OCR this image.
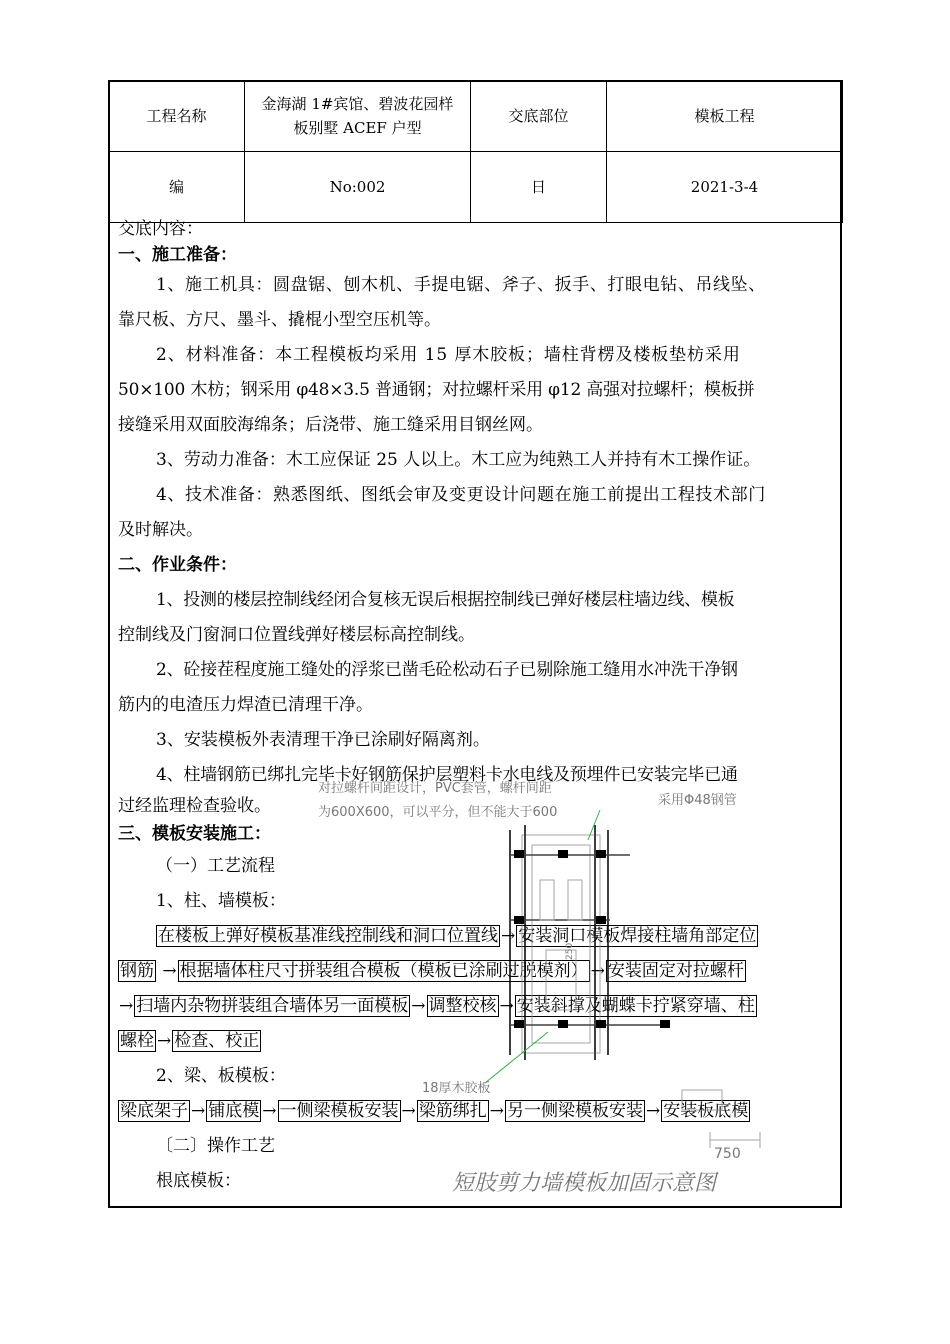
工程名称	金海湖 1#宾馆、碧波花园样
板别墅 ACEF 户型	交底部位	模板工程
编	No:002	日	2021-3-4
交底内容：
一、施工准备：
1、施工机具：圆盘锯、刨木机、手提电锯、斧子、扳手、打眼电钻、吊线坠、
靠尺板、方尺、墨斗、撬棍小型空压机等。
2、材料准备：本工程模板均采用 15 厚木胶板；墙柱背楞及楼板垫枋采用
50×100 木枋；钢采用 φ48×3.5 普通钢；对拉螺杆采用 φ12 高强对拉螺杆；模板拼
接缝采用双面胶海绵条；后浇带、施工缝采用目钢丝网。
3、劳动力准备：木工应保证 25 人以上。木工应为纯熟工人并持有木工操作证。
4、技术准备：熟悉图纸、图纸会审及变更设计问题在施工前提出工程技术部门
及时解决。
二、作业条件：
1、投测的楼层控制线经闭合复核无误后根据控制线已弹好楼层柱墙边线、模板
控制线及门窗洞口位置线弹好楼层标高控制线。
2、砼接茬程度施工缝处的浮浆已凿毛砼松动石子已剔除施工缝用水冲洗干净钢
筋内的电渣压力焊渣已清理干净。
3、安装模板外表清理干净已涂刷好隔离剂。
4、柱墙钢筋已绑扎完毕卡好钢筋保护层塑料卡水电线及预埋件已安装完毕已通
过经监理检查验收。
三、模板安装施工：
（一）工艺流程
1、柱、墙模板：
在楼板上弹好模板基准线控制线和洞口位置线 → 安装洞口模板焊接柱墙角部定位
钢筋 → 根据墙体柱尺寸拼装组合模板（模板已涂刷过脱模剂） → 安装固定对拉螺杆
→ 扫墙内杂物拼装组合墙体另一面模板 → 调整校核 → 安装斜撑及蝴蝶卡拧紧穿墙、柱
螺栓 → 检查、校正
2、梁、板模板：
梁底架子 → 铺底模 → 一侧梁模板安装 → 梁筋绑扎 → 另一侧梁模板安装 → 安装板底模
〔二〕操作工艺
根底模板：
对拉螺杆间距设计，PVC套管，螺杆间距
为600X600，可以平分，但不能大于600
采用Φ48钢管
250
18厚木胶板
750
短肢剪力墙模板加固示意图
